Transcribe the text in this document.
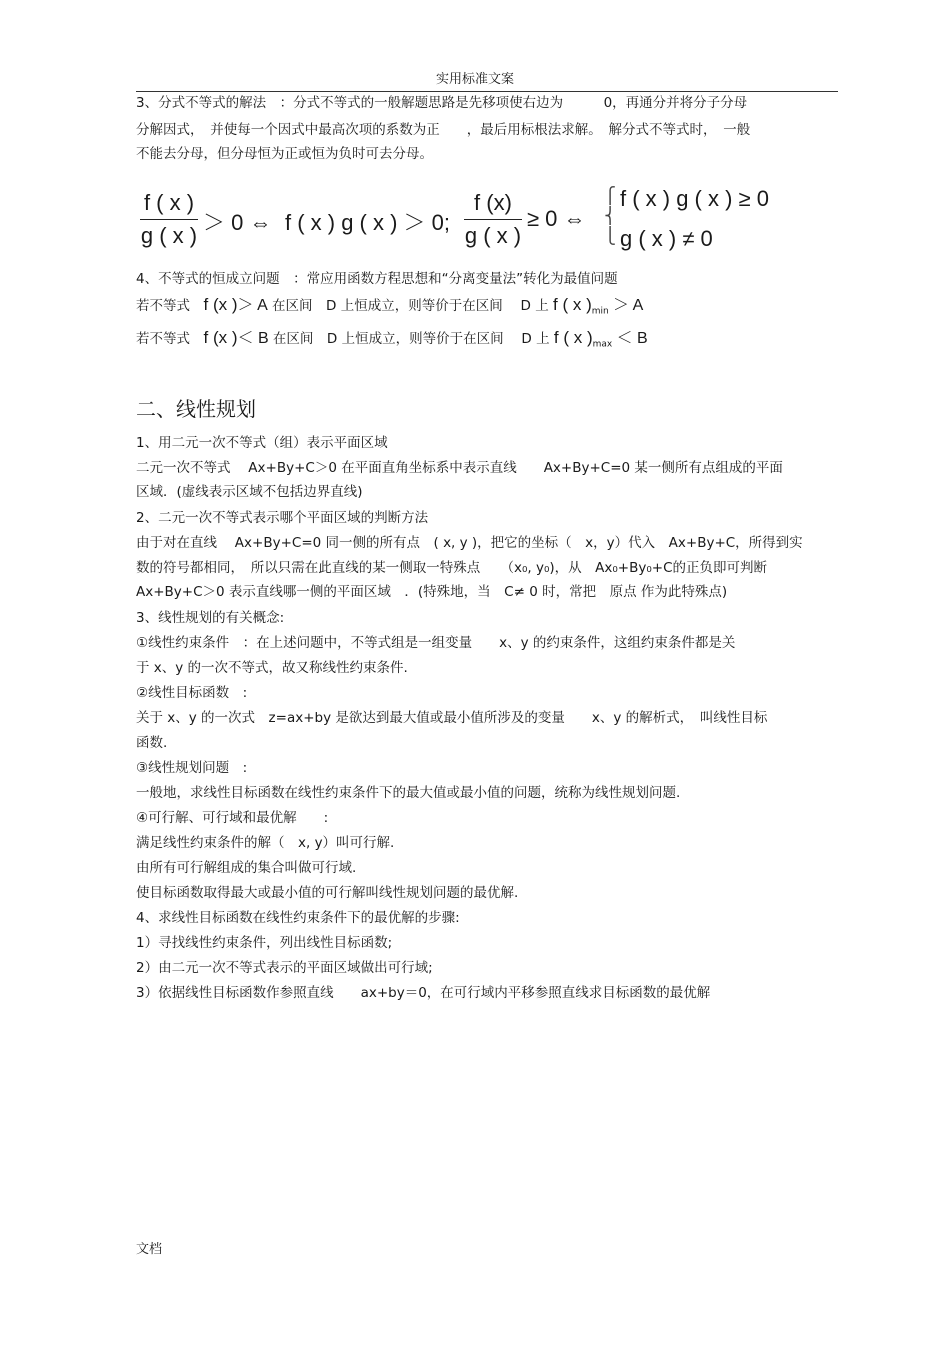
实用标准文案
3、分式不等式的解法　：分式不等式的一般解题思路是先移项使右边为　　　0，再通分并将分子分母
分解因式，　并使每一个因式中最高次项的系数为正　　，最后用标根法求解。　解分式不等式时，　一般
不能去分母，但分母恒为正或恒为负时可去分母。
f ( x )
g ( x )
＞ 0 ⇔ f ( x ) g ( x ) ＞ 0;
f (x)
g ( x )
≥ 0 ⇔
⎧
⎨
⎩
f ( x ) g ( x ) ≥ 0
g ( x ) ≠ 0
4、不等式的恒成立问题　：常应用函数方程思想和“分离变量法”转化为最值问题
若不等式　f (x )＞ A 在区间　D 上恒成立，则等价于在区间　 D 上 f ( x )$_{min} > A$
若不等式　f (x )＜ B 在区间　D 上恒成立，则等价于在区间　 D 上 f ( x )$_{max} < B$
二、线性规划
1、用二元一次不等式（组）表示平面区域
二元一次不等式　 Ax+By+C＞0 在平面直角坐标系中表示直线　　Ax+By+C=0 某一侧所有点组成的平面
区域．(虚线表示区域不包括边界直线)
2、二元一次不等式表示哪个平面区域的判断方法
由于对在直线　 Ax+By+C=0 同一侧的所有点　( x, y )，把它的坐标（　x，y）代入　Ax+By+C，所得到实
数的符号都相同，　所以只需在此直线的某一侧取一特殊点　　（x₀, y₀)，从　Ax₀+By₀+C的正负即可判断
Ax+By+C＞0 表示直线哪一侧的平面区域　．(特殊地，当　C≠ 0 时，常把　原点 作为此特殊点)
3、线性规划的有关概念:
①线性约束条件　：在上述问题中，不等式组是一组变量　　x、y 的约束条件，这组约束条件都是关
于 x、y 的一次不等式，故又称线性约束条件.
②线性目标函数　:
关于 x、y 的一次式　z=ax+by 是欲达到最大值或最小值所涉及的变量　　x、y 的解析式，　叫线性目标
函数.
③线性规划问题　:
一般地，求线性目标函数在线性约束条件下的最大值或最小值的问题，统称为线性规划问题.
④可行解、可行域和最优解　　:
满足线性约束条件的解（　x, y）叫可行解.
由所有可行解组成的集合叫做可行域.
使目标函数取得最大或最小值的可行解叫线性规划问题的最优解.
4、求线性目标函数在线性约束条件下的最优解的步骤:
1）寻找线性约束条件，列出线性目标函数;
2）由二元一次不等式表示的平面区域做出可行域;
3）依据线性目标函数作参照直线　　ax+by＝0，在可行域内平移参照直线求目标函数的最优解
文档
